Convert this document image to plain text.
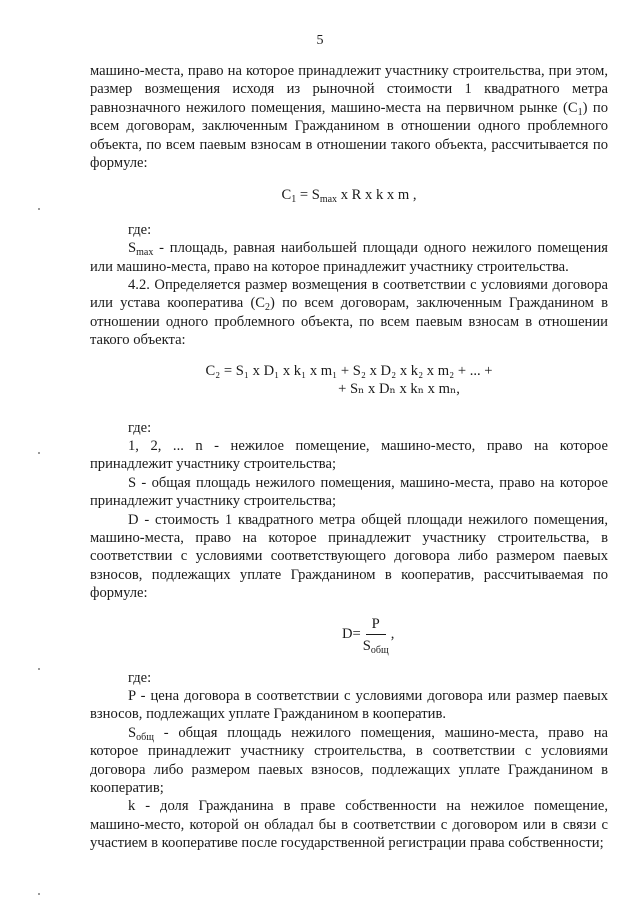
5

машино-места, право на которое принадлежит участнику строительства, при этом, размер возмещения исходя из рыночной стоимости 1 квадратного метра равнозначного нежилого помещения, машино-места на первичном рынке $(C_1)$ по всем договорам, заключенным Гражданином в отношении одного проблемного объекта, по всем паевым взносам в отношении такого объекта, рассчитывается по формуле:

$C_1 = S_{max}$ x R x k x m ,

где:

$S_{max}$ - площадь, равная наибольшей площади одного нежилого помещения или машино-места, право на которое принадлежит участнику строительства.

4.2. Определяется размер возмещения в соответствии с условиями договора или устава кооператива $(C_2)$ по всем договорам, заключенным Гражданином в отношении одного проблемного объекта, по всем паевым взносам в отношении такого объекта:

C₂ = S₁ x D₁ x k₁ x m₁ + S₂ x D₂ x k₂ x m₂ + ... +

+ Sₙ x Dₙ x kₙ x mₙ,

где:

1, 2, ... n - нежилое помещение, машино-место, право на которое принадлежит участнику строительства;

S - общая площадь нежилого помещения, машино-места, право на которое принадлежит участнику строительства;

D - стоимость 1 квадратного метра общей площади нежилого помещения, машино-места, право на которое принадлежит участнику строительства, в соответствии с условиями соответствующего договора либо размером паевых взносов, подлежащих уплате Гражданином в кооператив, рассчитываемая по формуле:

$D= \frac{P}{S_{общ}}$ ,

где:

P - цена договора в соответствии с условиями договора или размер паевых взносов, подлежащих уплате Гражданином в кооператив.

$S_{общ}$ - общая площадь нежилого помещения, машино-места, право на которое принадлежит участнику строительства, в соответствии с условиями договора либо размером паевых взносов, подлежащих уплате Гражданином в кооператив;

k - доля Гражданина в праве собственности на нежилое помещение, машино-место, которой он обладал бы в соответствии с договором или в связи с участием в кооперативе после государственной регистрации права собственности;
